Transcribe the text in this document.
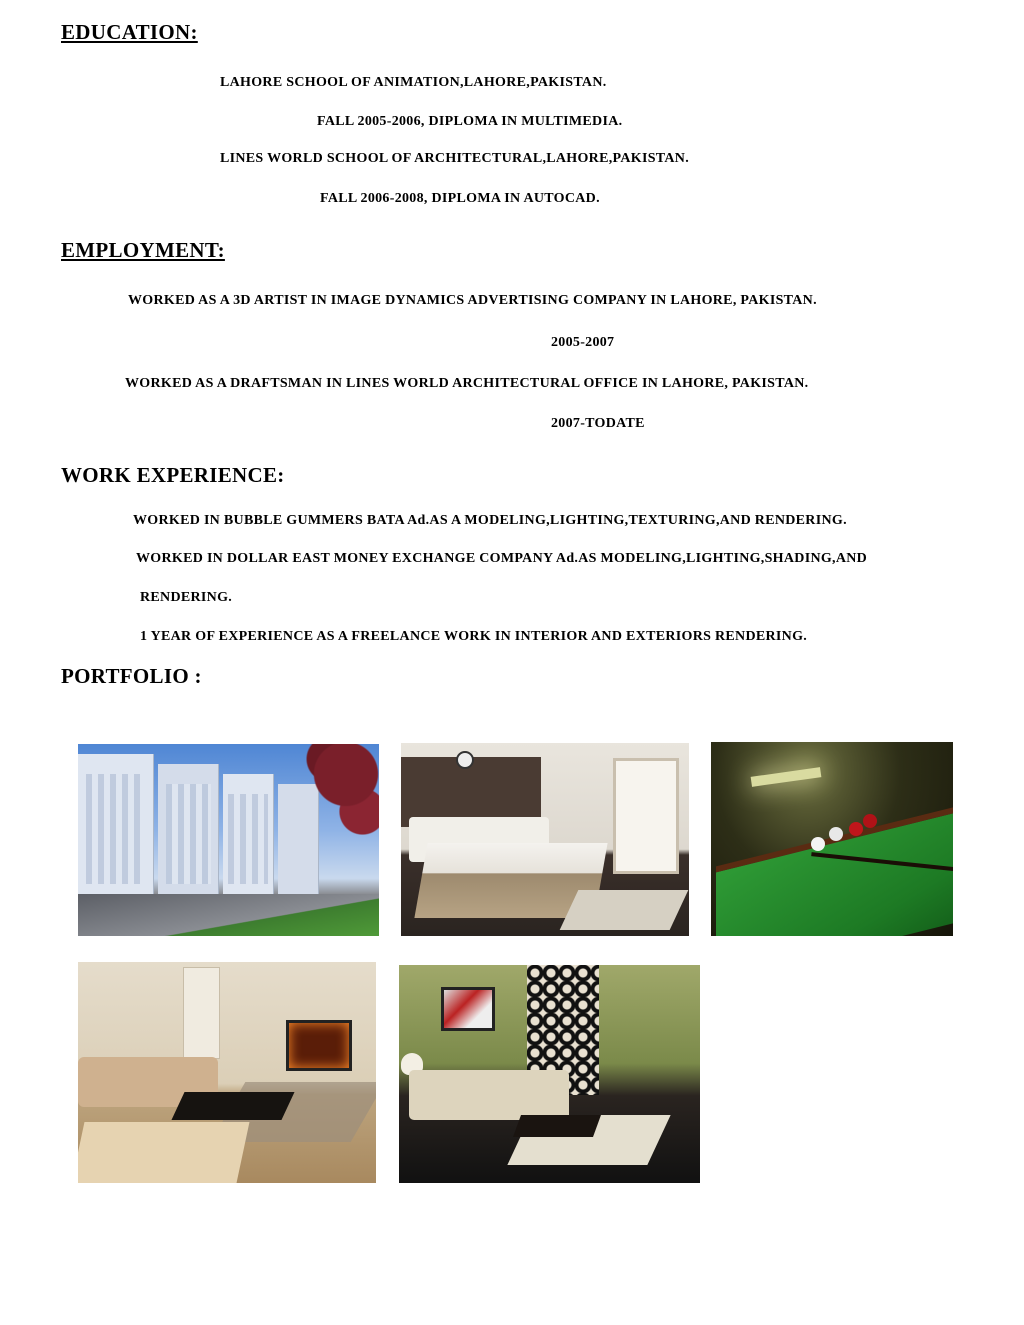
EDUCATION:
LAHORE SCHOOL OF ANIMATION,LAHORE,PAKISTAN.
FALL 2005-2006, DIPLOMA IN MULTIMEDIA.
LINES WORLD SCHOOL OF ARCHITECTURAL,LAHORE,PAKISTAN.
FALL 2006-2008, DIPLOMA IN AUTOCAD.
EMPLOYMENT:
WORKED AS A 3D ARTIST IN IMAGE DYNAMICS ADVERTISING COMPANY IN LAHORE, PAKISTAN.
2005-2007
WORKED AS A DRAFTSMAN IN LINES WORLD ARCHITECTURAL OFFICE IN LAHORE, PAKISTAN.
2007-TODATE
WORK EXPERIENCE:
WORKED IN BUBBLE GUMMERS BATA Ad.AS A MODELING,LIGHTING,TEXTURING,AND RENDERING.
WORKED IN DOLLAR EAST MONEY EXCHANGE COMPANY Ad.AS MODELING,LIGHTING,SHADING,AND
RENDERING.
1 YEAR OF EXPERIENCE AS A FREELANCE WORK IN INTERIOR AND EXTERIORS RENDERING.
PORTFOLIO :
